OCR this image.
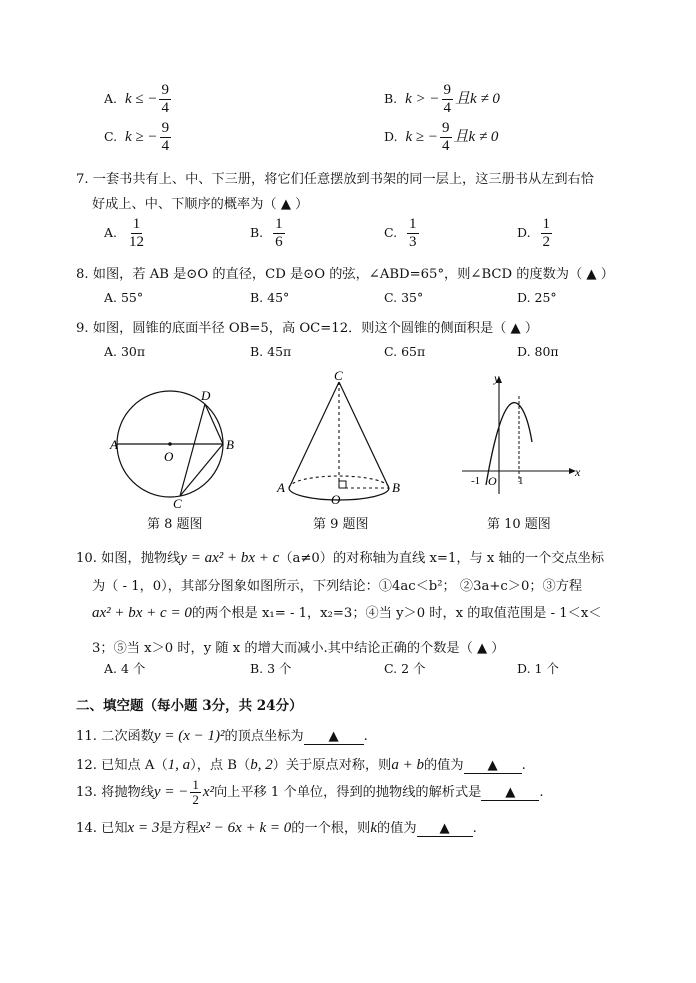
A. k ≤ − $\frac{9}{4}$	B. k > − $\frac{9}{4}$ 且k ≠ 0
C. k ≥ − $\frac{9}{4}$	D. k ≥ − $\frac{9}{4}$ 且k ≠ 0
7. 一套书共有上、中、下三册，将它们任意摆放到书架的同一层上，这三册书从左到右恰
好成上、中、下顺序的概率为（ ▲ ）
A. $\frac{1}{12}$	B. $\frac{1}{6}$	C. $\frac{1}{3}$	D. $\frac{1}{2}$
8. 如图，若 AB 是⊙O 的直径，CD 是⊙O 的弦，∠ABD=65°，则∠BCD 的度数为（ ▲ ）
A. 55°	B. 45°	C. 35°	D. 25°
9. 如图，圆锥的底面半径 OB=5，高 OC=12．则这个圆锥的侧面积是（ ▲ ）
A. 30π	B. 45π	C. 65π	D. 80π
A	B
D
C
O
第 8 题图
C
A	B
O
第 9 题图
x
y
O
-1	1
第 10 题图
10. 如图，抛物线y = ax² + bx + c（a≠0）的对称轴为直线 x=1，与 x 轴的一个交点坐标
为（ - 1，0），其部分图象如图所示，下列结论：①4ac＜b²； ②3a+c＞0；③方程
ax² + bx + c = 0的两个根是 x₁= - 1，x₂=3；④当 y＞0 时，x 的取值范围是 - 1＜x＜
3；⑤当 x＞0 时，y 随 x 的增大而减小.其中结论正确的个数是（ ▲ ）
A. 4 个	B. 3 个	C. 2 个	D. 1 个
二、填空题（每小题 3分，共 24分）
11. 二次函数y = (x − 1)²的顶点坐标为 ▲ .
12. 已知点 A（1, a），点 B（b, 2）关于原点对称，则a + b的值为 ▲ .
13. 将抛物线y = − $\frac{1}{2} x^2$向上平移 1 个单位，得到的抛物线的解析式是 ▲ .
14. 已知x = 3是方程x² − 6x + k = 0的一个根，则k的值为 ▲ .
